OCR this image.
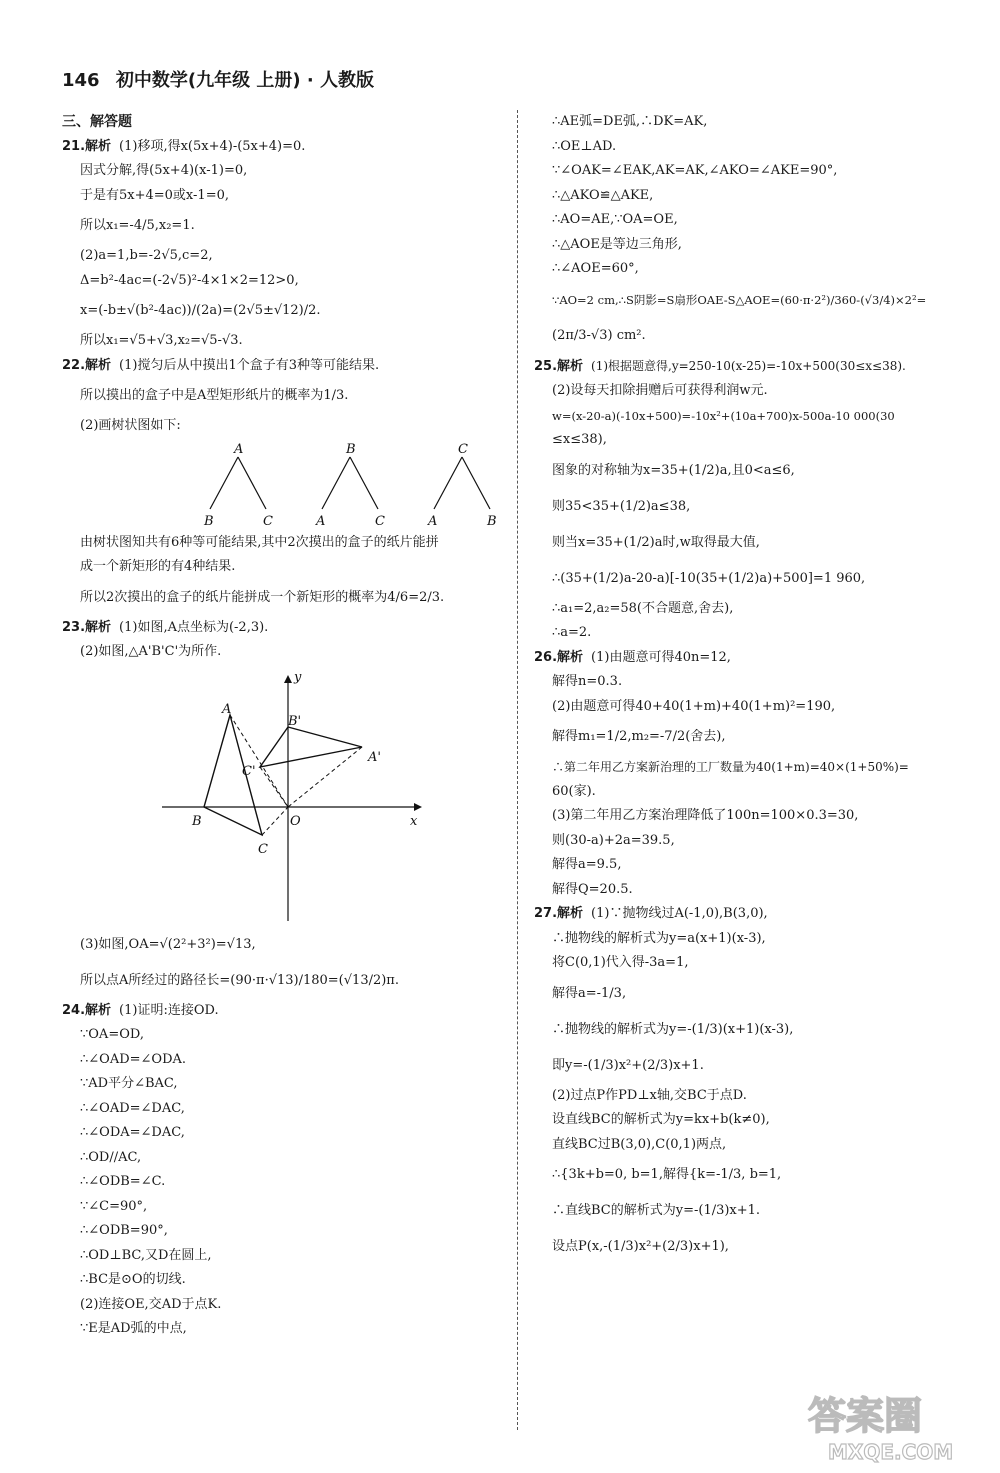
146 初中数学(九年级 上册) · 人教版
三、解答题
21.解析 (1)移项,得x(5x+4)-(5x+4)=0.
因式分解,得(5x+4)(x-1)=0,
于是有5x+4=0或x-1=0,
所以x₁=-4/5,x₂=1.
(2)a=1,b=-2√5,c=2,
Δ=b²-4ac=(-2√5)²-4×1×2=12>0,
x=(-b±√(b²-4ac))/(2a)=(2√5±√12)/2.
所以x₁=√5+√3,x₂=√5-√3.
22.解析 (1)搅匀后从中摸出1个盒子有3种等可能结果.
所以摸出的盒子中是A型矩形纸片的概率为1/3.
(2)画树状图如下:
A
B	C
B
A	C
C
A	B
由树状图知共有6种等可能结果,其中2次摸出的盒子的纸片能拼
成一个新矩形的有4种结果.
所以2次摸出的盒子的纸片能拼成一个新矩形的概率为4/6=2/3.
23.解析 (1)如图,A点坐标为(-2,3).
(2)如图,△A'B'C'为所作.
x
y
O
A
B
C
A'
B'
C'
(3)如图,OA=√(2²+3²)=√13,
所以点A所经过的路径长=(90·π·√13)/180=(√13/2)π.
24.解析 (1)证明:连接OD.
∵OA=OD,
∴∠OAD=∠ODA.
∵AD平分∠BAC,
∴∠OAD=∠DAC,
∴∠ODA=∠DAC,
∴OD//AC,
∴∠ODB=∠C.
∵∠C=90°,
∴∠ODB=90°,
∴OD⊥BC,又D在圆上,
∴BC是⊙O的切线.
(2)连接OE,交AD于点K.
∵E是AD弧的中点,
∴AE弧=DE弧,∴DK=AK,
∴OE⊥AD.
∵∠OAK=∠EAK,AK=AK,∠AKO=∠AKE=90°,
∴△AKO≌△AKE,
∴AO=AE,∵OA=OE,
∴△AOE是等边三角形,
∴∠AOE=60°,
∵AO=2 cm,∴S阴影=S扇形OAE-S△AOE=(60·π·2²)/360-(√3/4)×2²=
(2π/3-√3) cm².
25.解析 (1)根据题意得,y=250-10(x-25)=-10x+500(30≤x≤38).
(2)设每天扣除捐赠后可获得利润w元.
w=(x-20-a)(-10x+500)=-10x²+(10a+700)x-500a-10 000(30
≤x≤38),
图象的对称轴为x=35+(1/2)a,且0<a≤6,
则35<35+(1/2)a≤38,
则当x=35+(1/2)a时,w取得最大值,
∴(35+(1/2)a-20-a)[-10(35+(1/2)a)+500]=1 960,
∴a₁=2,a₂=58(不合题意,舍去),
∴a=2.
26.解析 (1)由题意可得40n=12,
解得n=0.3.
(2)由题意可得40+40(1+m)+40(1+m)²=190,
解得m₁=1/2,m₂=-7/2(舍去),
∴第二年用乙方案新治理的工厂数量为40(1+m)=40×(1+50%)=
60(家).
(3)第二年用乙方案治理降低了100n=100×0.3=30,
则(30-a)+2a=39.5,
解得a=9.5,
解得Q=20.5.
27.解析 (1)∵抛物线过A(-1,0),B(3,0),
∴抛物线的解析式为y=a(x+1)(x-3),
将C(0,1)代入得-3a=1,
解得a=-1/3,
∴抛物线的解析式为y=-(1/3)(x+1)(x-3),
即y=-(1/3)x²+(2/3)x+1.
(2)过点P作PD⊥x轴,交BC于点D.
设直线BC的解析式为y=kx+b(k≠0),
直线BC过B(3,0),C(0,1)两点,
∴{3k+b=0, b=1,解得{k=-1/3, b=1,
∴直线BC的解析式为y=-(1/3)x+1.
设点P(x,-(1/3)x²+(2/3)x+1),
答案圈
MXQE.COM
